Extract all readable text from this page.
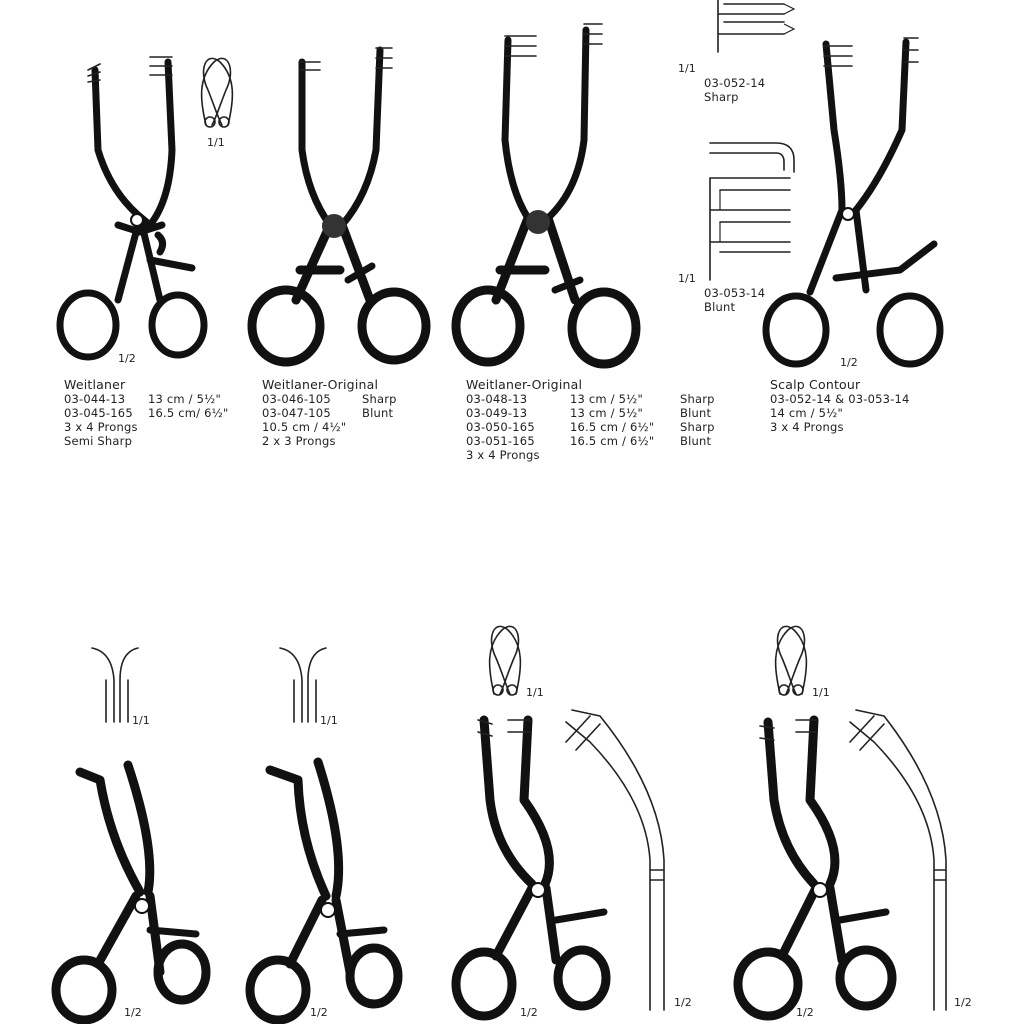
1/1
1/2
1/1
1/1
1/2
1/1	1/1
1/1	1/1
1/2	1/2	1/2
1/2
1/2
1/2
03-052-14
Sharp
03-053-14
Blunt
Weitlaner
03-044-13 13 cm / 5½"
03-045-165 16.5 cm/ 6½"
3 x 4 Prongs
Semi Sharp
Weitlaner-Original
03-046-105	Sharp
03-047-105	Blunt
10.5 cm / 4½"
2 x 3 Prongs
Weitlaner-Original
03-048-13	13 cm / 5½"	Sharp
03-049-13	13 cm / 5½"	Blunt
03-050-165	16.5 cm / 6½" Sharp
03-051-165	16.5 cm / 6½" Blunt
3 x 4 Prongs
Scalp Contour
03-052-14 & 03-053-14
14 cm / 5½"
3 x 4 Prongs
